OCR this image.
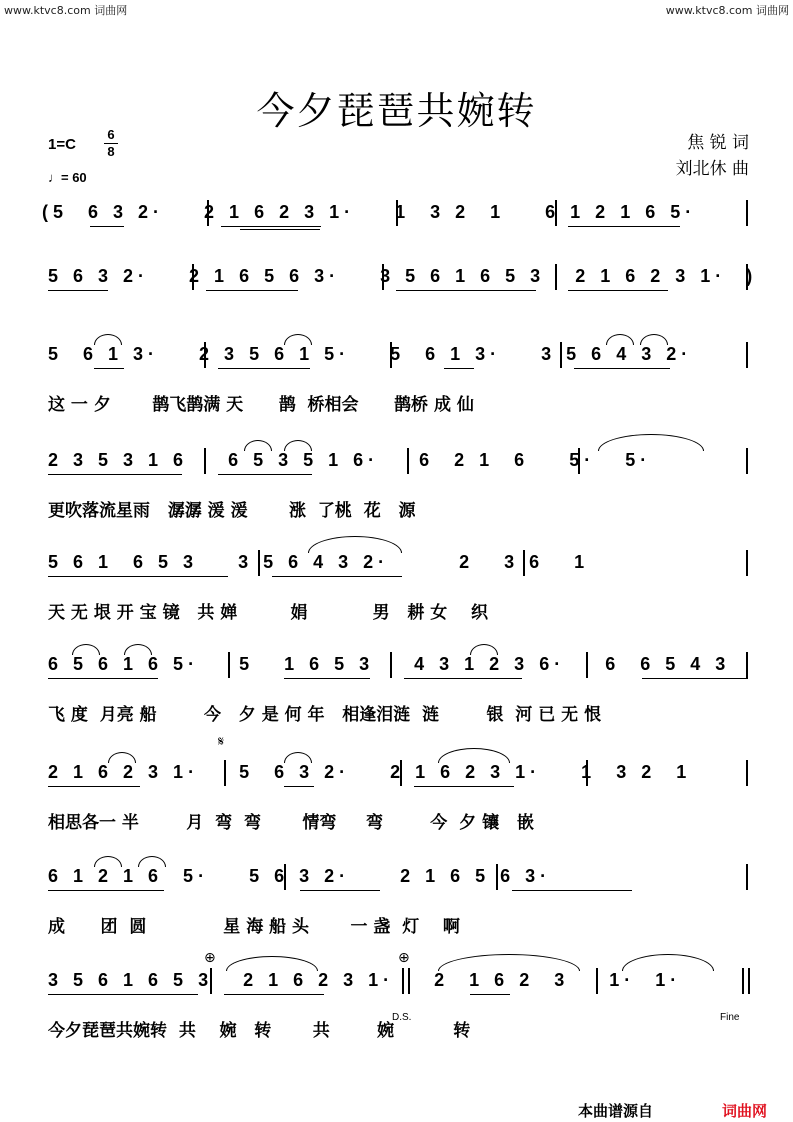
www.ktvc8.com 词曲网	www.ktvc8.com 词曲网
今夕琵琶共婉转
1=C
6
8
♩= 60
焦 锐 词
刘北休 曲
(5  6 3 2·    2 1 6 2 3 1·    1  3 2  1    6 1 2 1 6 5·
5 6 3 2·    2 1 6 5 6 3·    3 5 6 1 6 5 3   2 1 6 2 3 1·  )
5  6 1 3·    2 3 5 6 1 5·    5  6 1 3·    3 5 6 4 3 2·
这 一 夕       鹊飞鹊满 天      鹊  桥相会      鹊桥 成 仙
2 3 5 3 1 6    6 5 3 5 1 6·    6  2 1  6    5·   5·
更吹落流星雨   潺潺 湲 湲       涨  了桃  花   源
5 6 1  6 5 3    3 5 6 4 3 2·       2   3 6   1
天 无 垠 开 宝 镜   共 婵         娟           男   耕 女    织
6 5 6 1 6 5·    5   1 6 5 3    4 3 1 2 3 6·    6  6 5 4 3
飞 度  月亮 船        今   夕 是 何 年   相逢泪涟  涟        银  河 已 无 恨
𝄋
2 1 6 2 3 1·    5  6 3 2·    2 1 6 2 3 1·    1  3 2  1
相思各一 半        月  弯  弯       情弯     弯        今  夕 镶   嵌
6 1 2 1 6  5·    5 6 3 2·     2 1 6 5 6 3·
成      团  圆             星 海 船 头       一 盏  灯    啊
⊕	⊕
3 5 6 1 6 5 3   2 1 6 2 3 1·    2  1 6 2  3    1·  1·
今夕琵琶共婉转  共    婉   转       共        婉          转
D.S.	Fine
本曲谱源自	词曲网
